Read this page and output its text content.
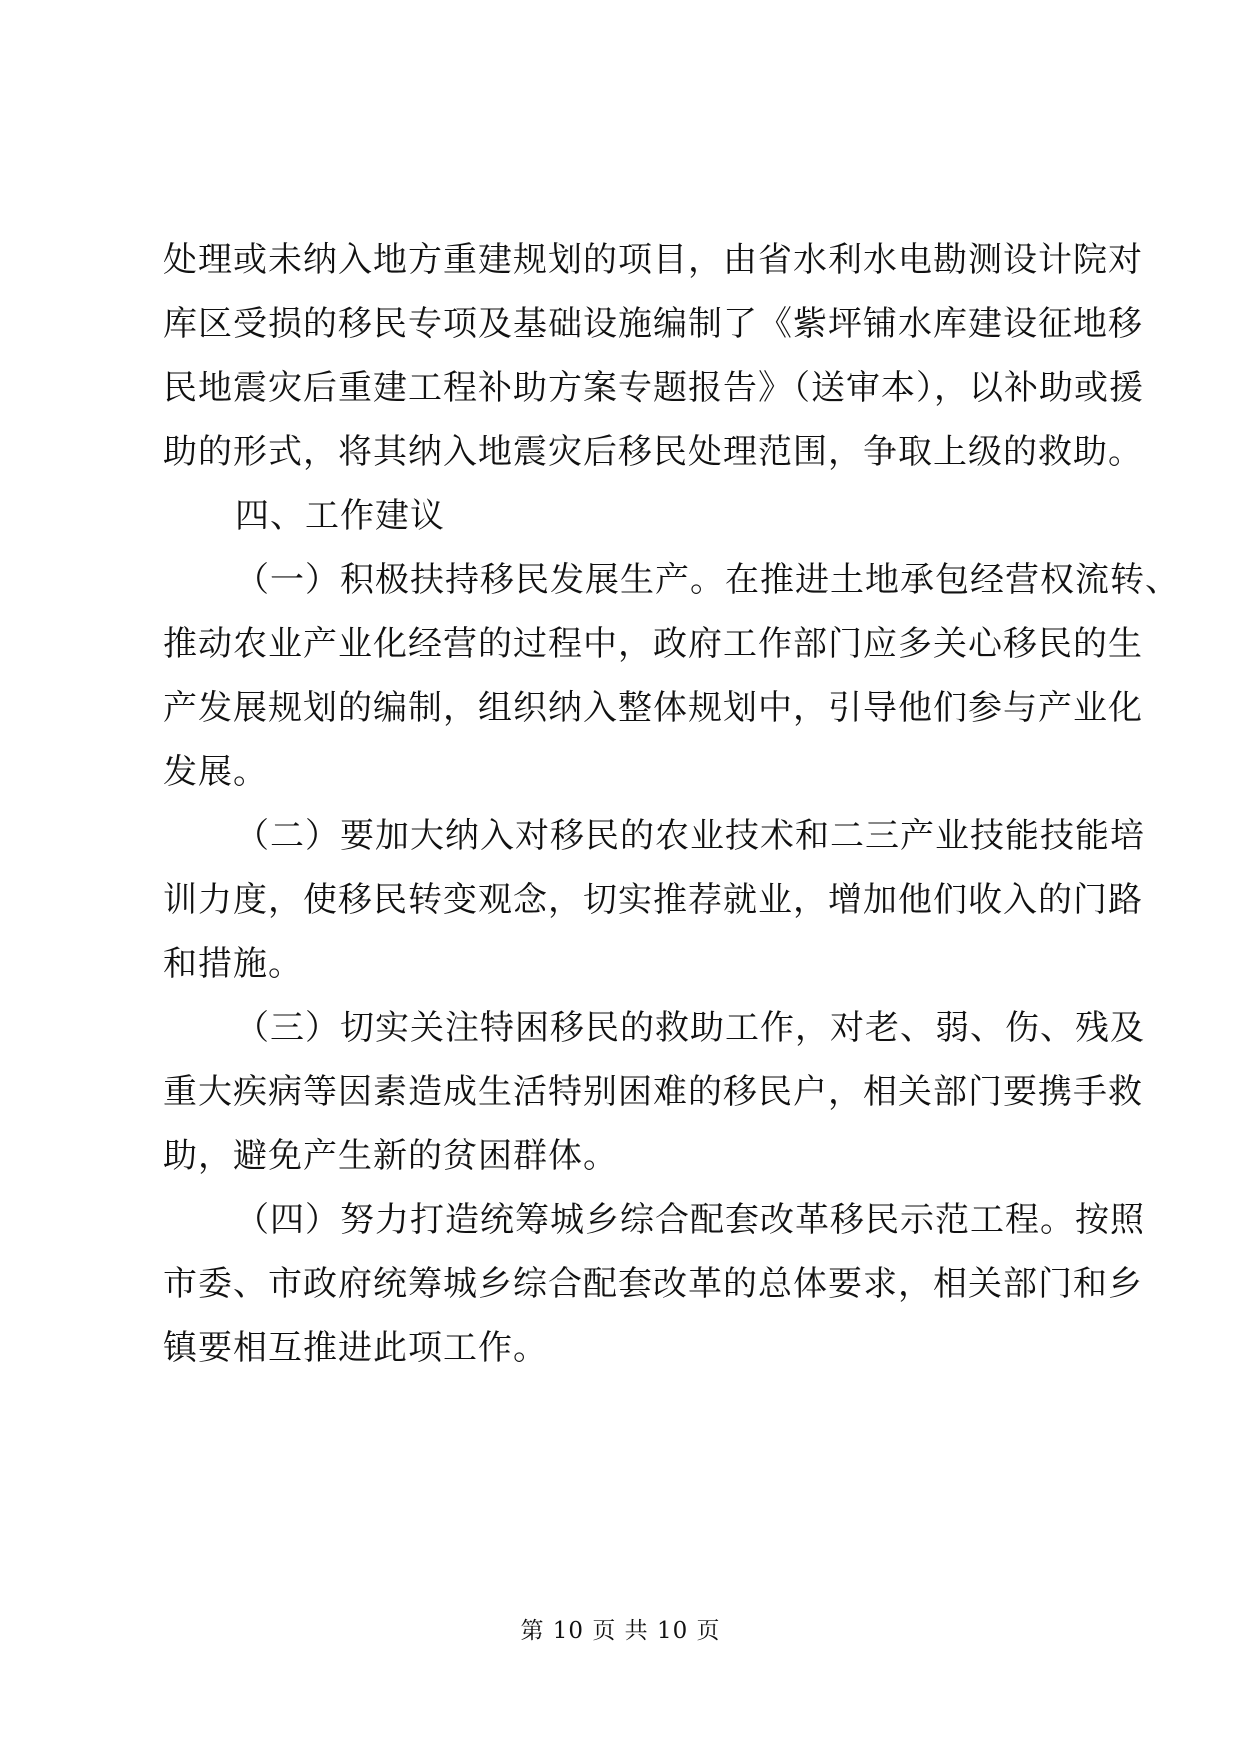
处理或未纳入地方重建规划的项目，由省水利水电勘测设计院对
库区受损的移民专项及基础设施编制了《紫坪铺水库建设征地移
民地震灾后重建工程补助方案专题报告》（送审本），以补助或援
助的形式，将其纳入地震灾后移民处理范围，争取上级的救助。
四、工作建议
（一）积极扶持移民发展生产。在推进土地承包经营权流转、
推动农业产业化经营的过程中，政府工作部门应多关心移民的生
产发展规划的编制，组织纳入整体规划中，引导他们参与产业化
发展。
（二）要加大纳入对移民的农业技术和二三产业技能技能培
训力度，使移民转变观念，切实推荐就业，增加他们收入的门路
和措施。
（三）切实关注特困移民的救助工作，对老、弱、伤、残及
重大疾病等因素造成生活特别困难的移民户，相关部门要携手救
助，避免产生新的贫困群体。
（四）努力打造统筹城乡综合配套改革移民示范工程。按照
市委、市政府统筹城乡综合配套改革的总体要求，相关部门和乡
镇要相互推进此项工作。
第 10 页 共 10 页
